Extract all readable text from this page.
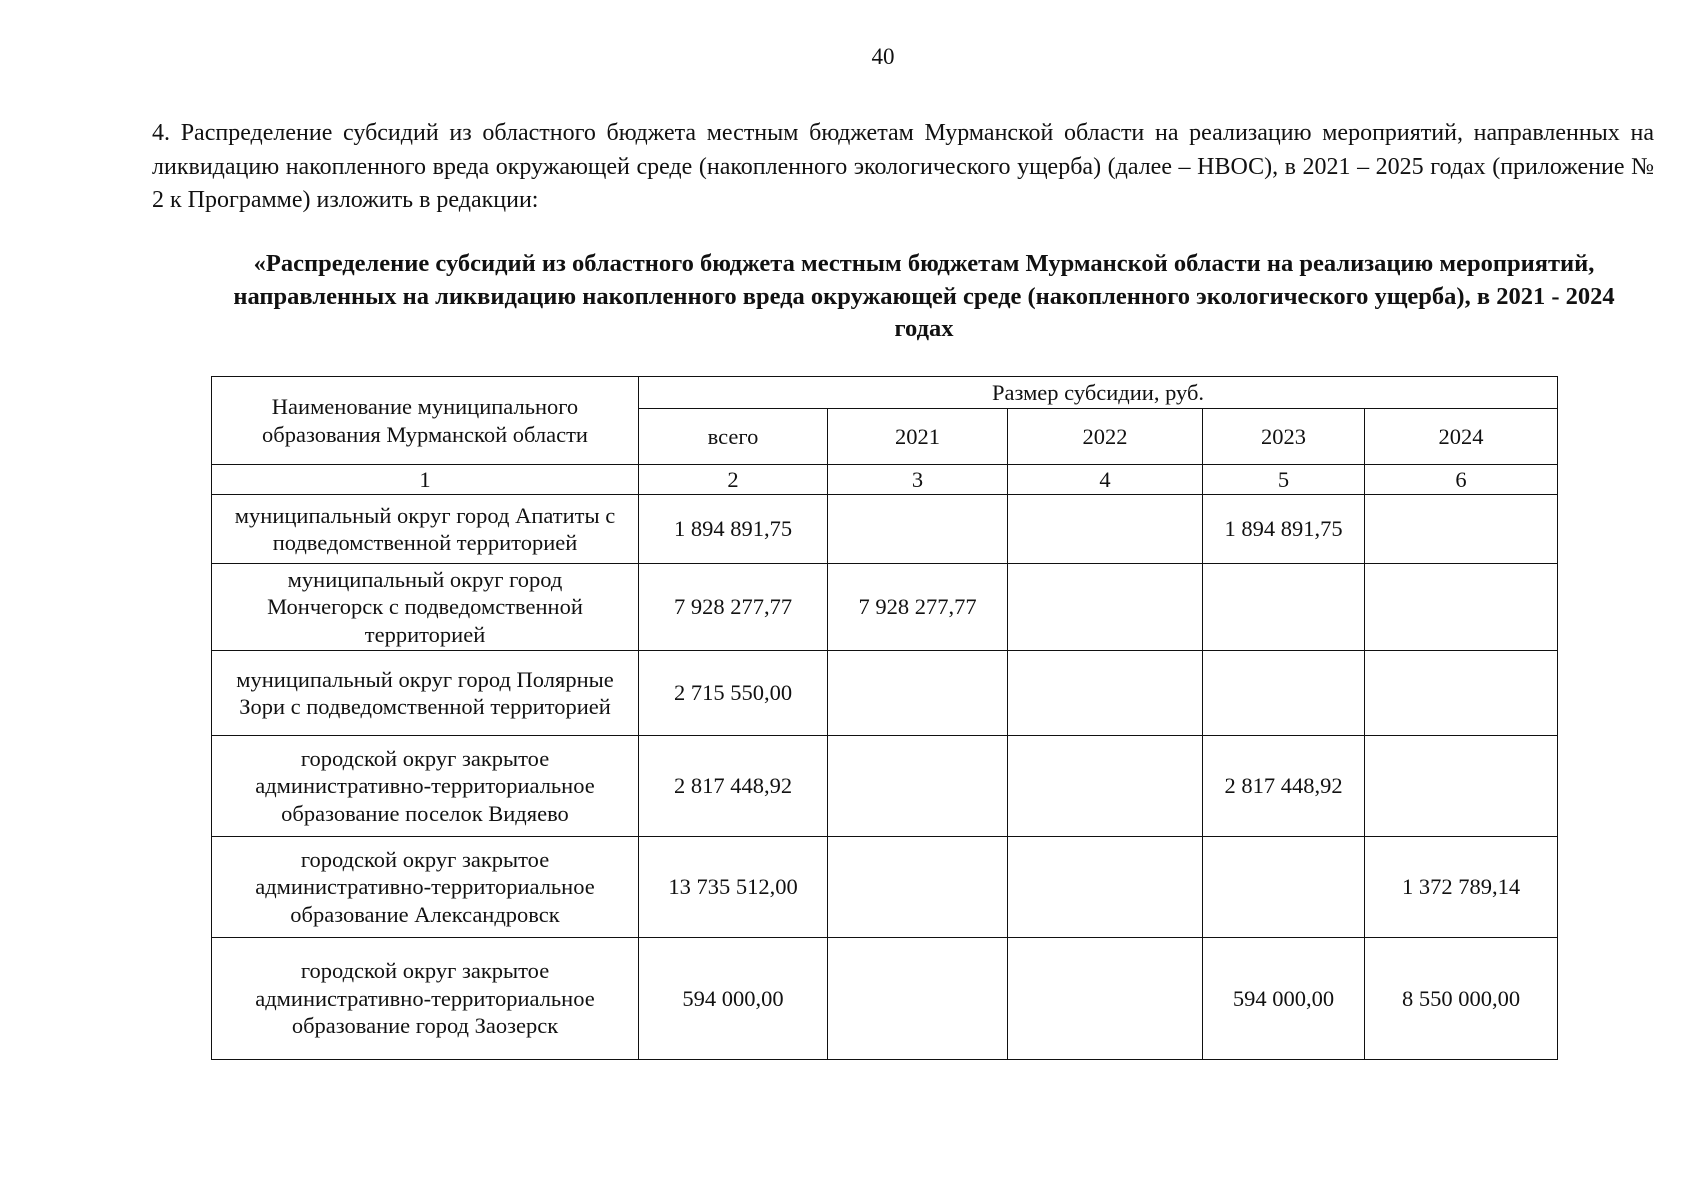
40

4. Распределение субсидий из областного бюджета местным бюджетам Мурманской области на реализацию мероприятий, направленных на ликвидацию накопленного вреда окружающей среде (накопленного экологического ущерба) (далее – НВОС), в 2021 – 2025 годах (приложение № 2 к Программе) изложить в редакции:

«Распределение субсидий из областного бюджета местным бюджетам Мурманской области на реализацию мероприятий, направленных на ликвидацию накопленного вреда окружающей среде (накопленного экологического ущерба), в 2021 - 2024 годах

Наименование муниципального образования Мурманской области	Размер субсидии, руб.				
	всего	2021	2022	2023	2024
1	2	3	4	5	6
муниципальный округ город Апатиты с подведомственной территорией	1 894 891,75			1 894 891,75	
муниципальный округ город Мончегорск с подведомственной территорией	7 928 277,77	7 928 277,77			
муниципальный округ город Полярные Зори с подведомственной территорией	2 715 550,00				
городской округ закрытое административно-территориальное образование поселок Видяево	2 817 448,92			2 817 448,92	
городской округ закрытое административно-территориальное образование Александровск	13 735 512,00				1 372 789,14
городской округ закрытое административно-территориальное образование город Заозерск	594 000,00			594 000,00	8 550 000,00
